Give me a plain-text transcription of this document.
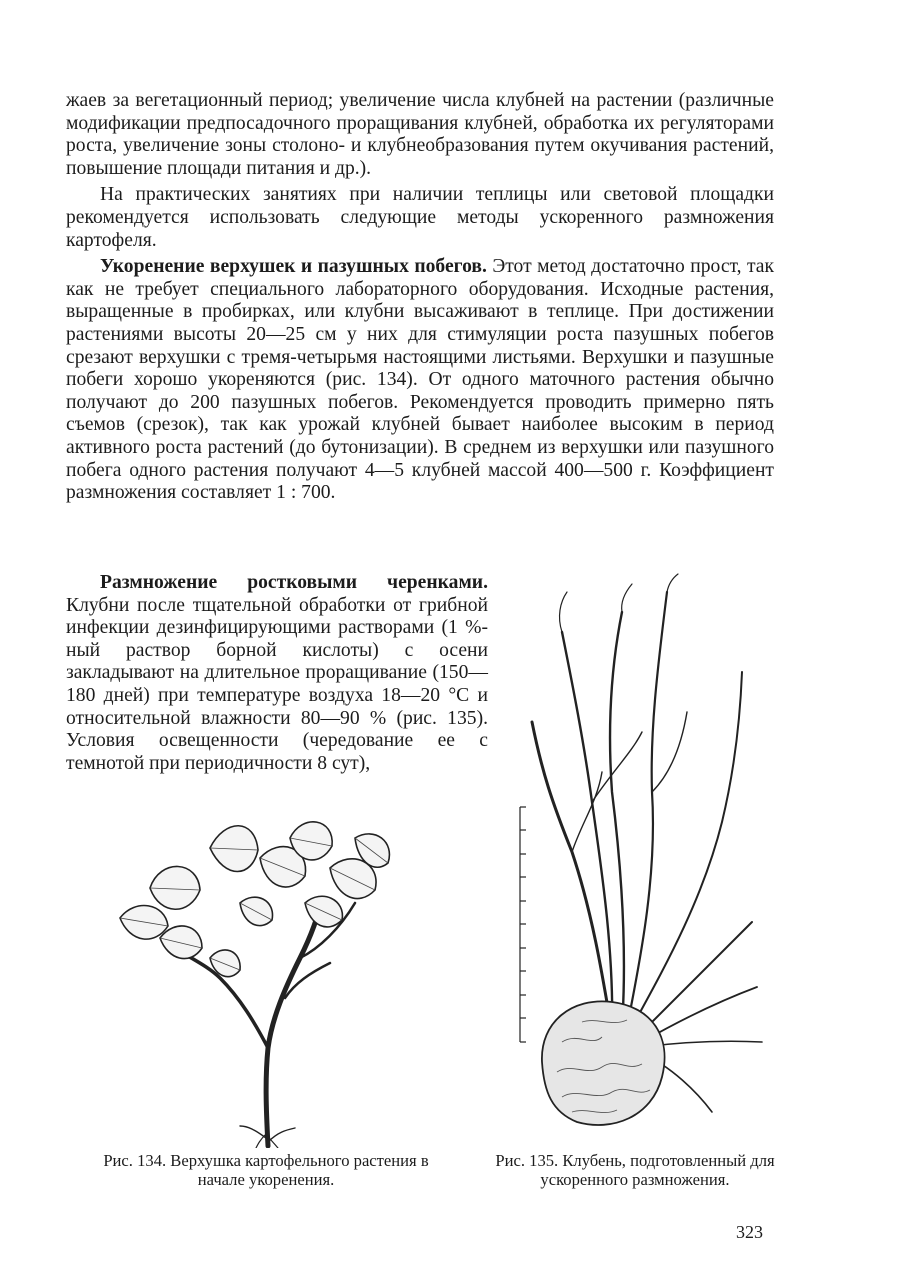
жаев за вегетационный период; увеличение числа клубней на растении (различные модификации предпосадочного проращивания клубней, обработка их регуляторами роста, увеличение зоны столоно- и клубнеобразования путем окучивания растений, повышение площади питания и др.).

На практических занятиях при наличии теплицы или световой площадки рекомендуется использовать следующие методы ускоренного размножения картофеля.

Укоренение верхушек и пазушных побегов. Этот метод достаточно прост, так как не требует специального лабораторного оборудования. Исходные растения, выращенные в пробирках, или клубни высаживают в теплице. При достижении растениями высоты 20—25 см у них для стимуляции роста пазушных побегов срезают верхушки с тремя-четырьмя настоящими листьями. Верхушки и пазушные побеги хорошо укореняются (рис. 134). От одного маточного растения обычно получают до 200 пазушных побегов. Рекомендуется проводить примерно пять съемов (срезок), так как урожай клубней бывает наиболее высоким в период активного роста растений (до бутонизации). В среднем из верхушки или пазушного побега одного растения получают 4—5 клубней массой 400—500 г. Коэффициент размножения составляет 1 : 700.

Размножение ростковыми черенками. Клубни после тщательной обработки от грибной инфекции дезинфицирующими растворами (1 %-ный раствор борной кислоты) с осени закладывают на длительное проращивание (150—180 дней) при температуре воздуха 18—20 °С и относительной влажности 80—90 % (рис. 135). Условия освещенности (чередование ее с темнотой при периодичности 8 сут),

Рис. 134. Верхушка картофельного растения в начале укоренения.
Рис. 135. Клубень, подготовленный для ускоренного размножения.
323
